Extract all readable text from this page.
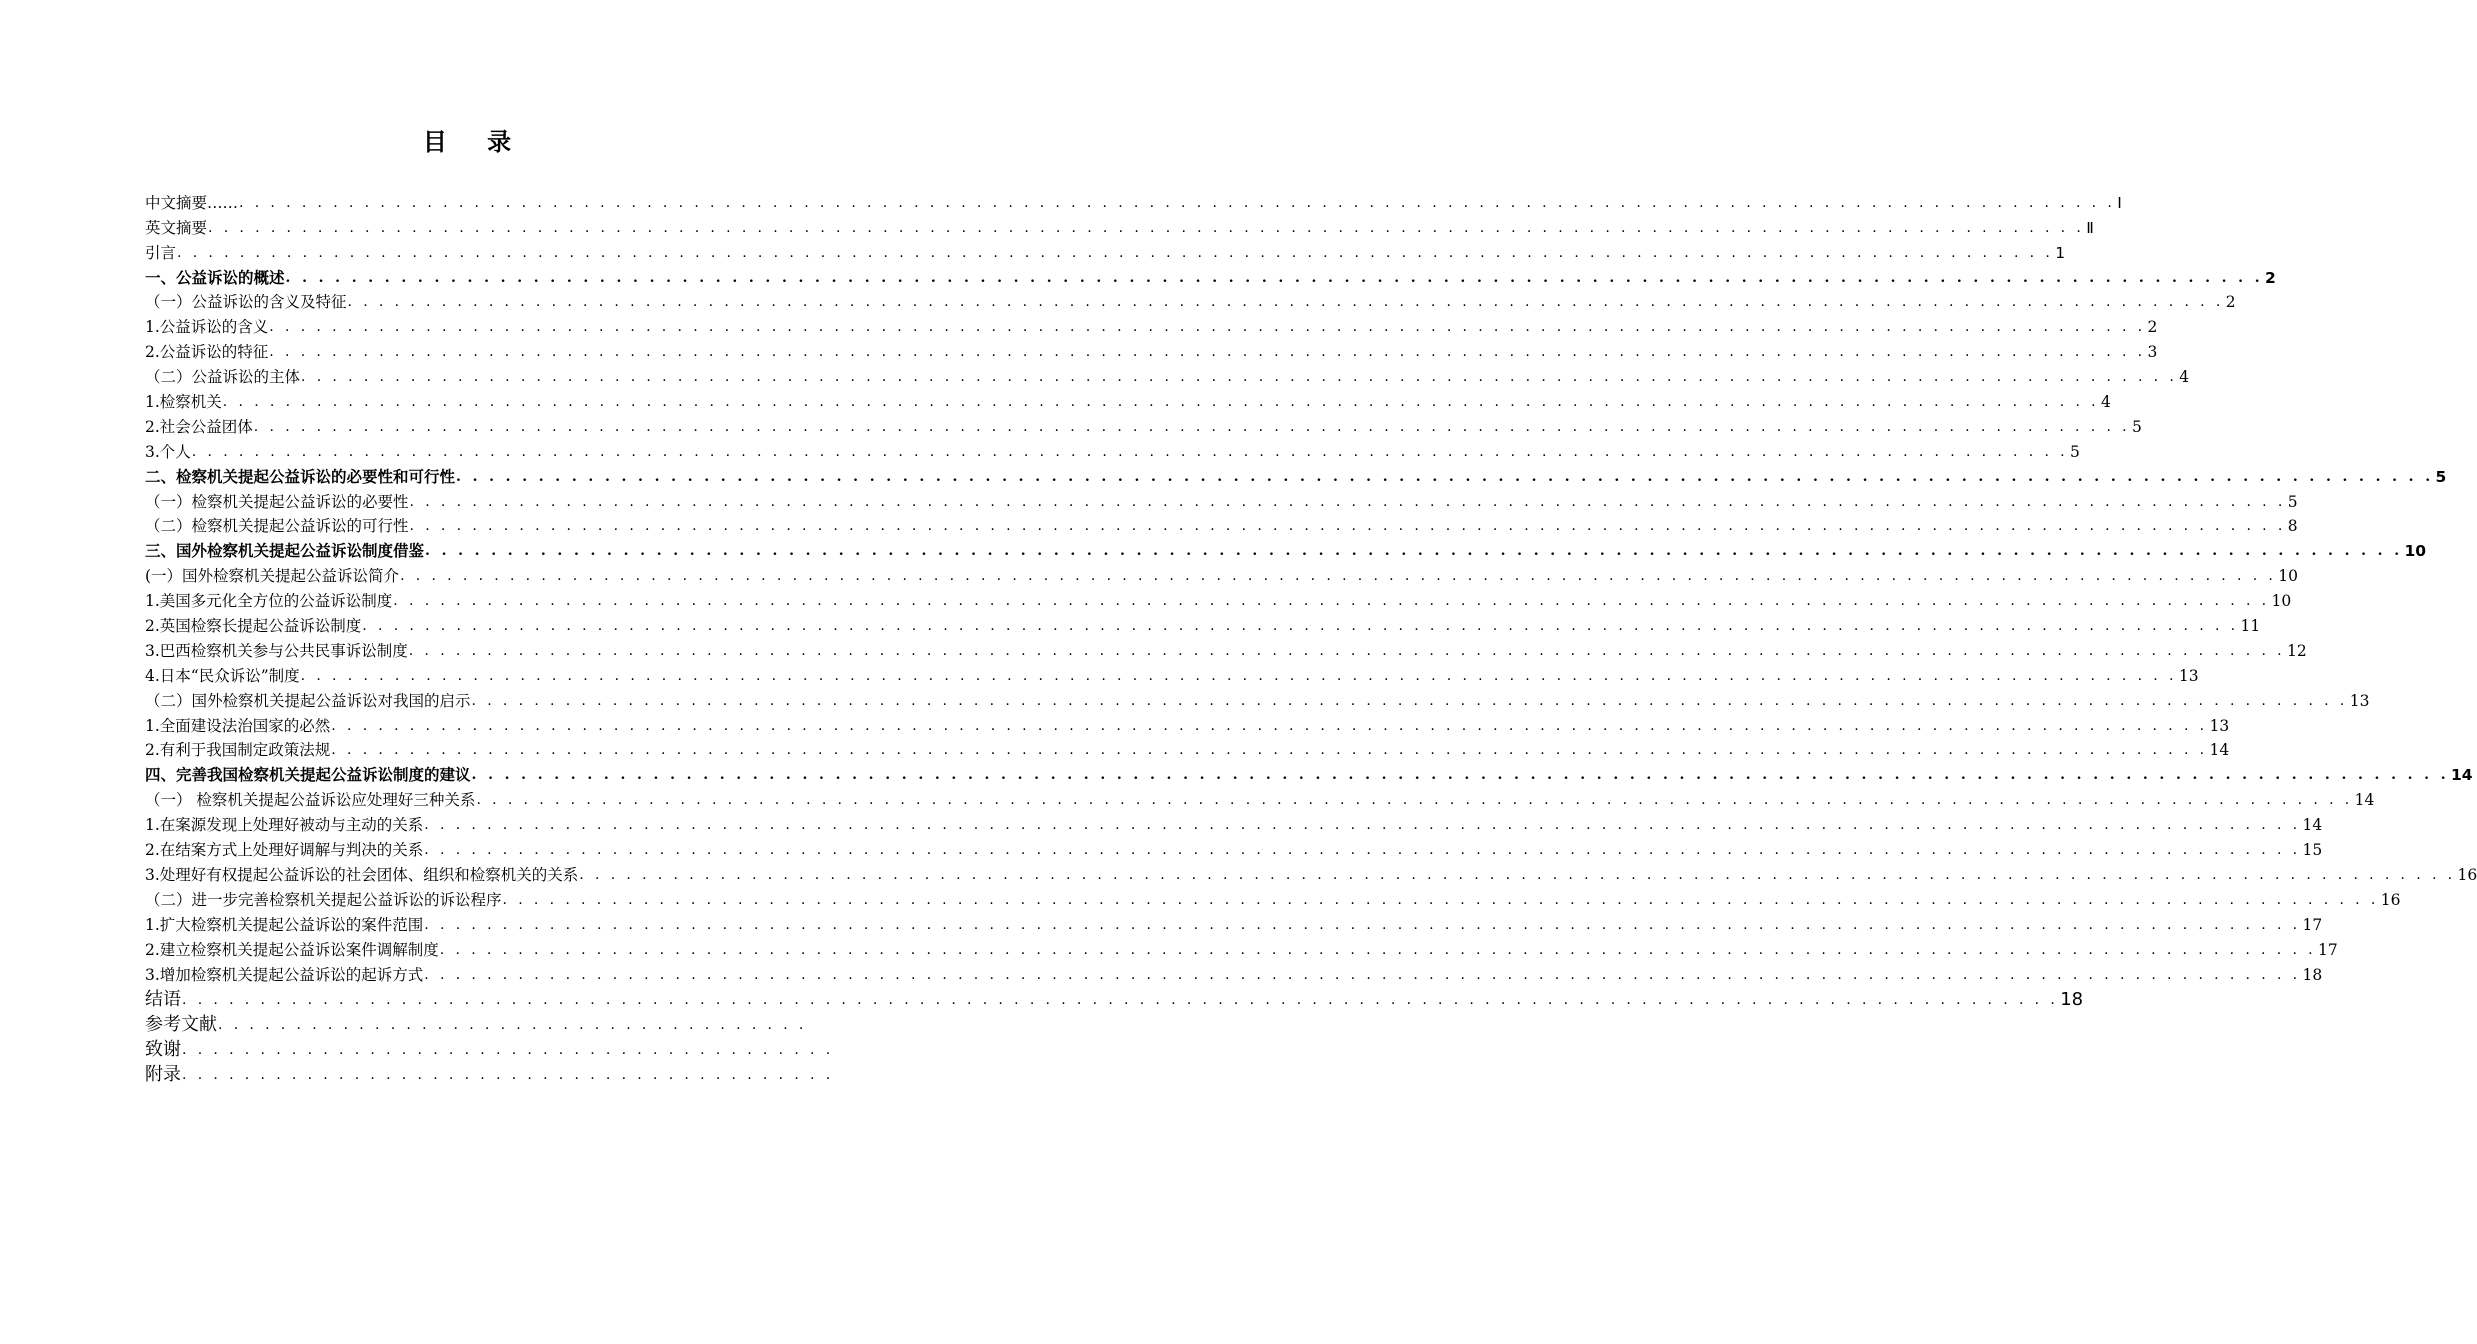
目 录
中文摘要…… . . . . . . . . . . . . . . . . . . . . . . . . . . . . . . . . . . . . . . . . . . . . . . . . . . . . . . . . . . . . . . . . . . . . . . . . . . . . . . . . . . . . . . . . . . . . . . . . . . . . . . . . . . . . . . . . . . . . . . . . Ⅰ
英文摘要 . . . . . . . . . . . . . . . . . . . . . . . . . . . . . . . . . . . . . . . . . . . . . . . . . . . . . . . . . . . . . . . . . . . . . . . . . . . . . . . . . . . . . . . . . . . . . . . . . . . . . . . . . . . . . . . . . . . . . . . . Ⅱ
引言 . . . . . . . . . . . . . . . . . . . . . . . . . . . . . . . . . . . . . . . . . . . . . . . . . . . . . . . . . . . . . . . . . . . . . . . . . . . . . . . . . . . . . . . . . . . . . . . . . . . . . . . . . . . . . . . . . . . . . . . . 1
一、公益诉讼的概述 . . . . . . . . . . . . . . . . . . . . . . . . . . . . . . . . . . . . . . . . . . . . . . . . . . . . . . . . . . . . . . . . . . . . . . . . . . . . . . . . . . . . . . . . . . . . . . . . . . . . . . . . . . . . . . . . . . . . . . . . 2
（一）公益诉讼的含义及特征 . . . . . . . . . . . . . . . . . . . . . . . . . . . . . . . . . . . . . . . . . . . . . . . . . . . . . . . . . . . . . . . . . . . . . . . . . . . . . . . . . . . . . . . . . . . . . . . . . . . . . . . . . . . . . . . . . . . . . . . . 2
1.公益诉讼的含义 . . . . . . . . . . . . . . . . . . . . . . . . . . . . . . . . . . . . . . . . . . . . . . . . . . . . . . . . . . . . . . . . . . . . . . . . . . . . . . . . . . . . . . . . . . . . . . . . . . . . . . . . . . . . . . . . . . . . . . . . 2
2.公益诉讼的特征 . . . . . . . . . . . . . . . . . . . . . . . . . . . . . . . . . . . . . . . . . . . . . . . . . . . . . . . . . . . . . . . . . . . . . . . . . . . . . . . . . . . . . . . . . . . . . . . . . . . . . . . . . . . . . . . . . . . . . . . . 3
（二）公益诉讼的主体 . . . . . . . . . . . . . . . . . . . . . . . . . . . . . . . . . . . . . . . . . . . . . . . . . . . . . . . . . . . . . . . . . . . . . . . . . . . . . . . . . . . . . . . . . . . . . . . . . . . . . . . . . . . . . . . . . . . . . . . . 4
1.检察机关 . . . . . . . . . . . . . . . . . . . . . . . . . . . . . . . . . . . . . . . . . . . . . . . . . . . . . . . . . . . . . . . . . . . . . . . . . . . . . . . . . . . . . . . . . . . . . . . . . . . . . . . . . . . . . . . . . . . . . . . . 4
2.社会公益团体 . . . . . . . . . . . . . . . . . . . . . . . . . . . . . . . . . . . . . . . . . . . . . . . . . . . . . . . . . . . . . . . . . . . . . . . . . . . . . . . . . . . . . . . . . . . . . . . . . . . . . . . . . . . . . . . . . . . . . . . . 5
3.个人 . . . . . . . . . . . . . . . . . . . . . . . . . . . . . . . . . . . . . . . . . . . . . . . . . . . . . . . . . . . . . . . . . . . . . . . . . . . . . . . . . . . . . . . . . . . . . . . . . . . . . . . . . . . . . . . . . . . . . . . . 5
二、检察机关提起公益诉讼的必要性和可行性 . . . . . . . . . . . . . . . . . . . . . . . . . . . . . . . . . . . . . . . . . . . . . . . . . . . . . . . . . . . . . . . . . . . . . . . . . . . . . . . . . . . . . . . . . . . . . . . . . . . . . . . . . . . . . . . . . . . . . . . . 5
（一）检察机关提起公益诉讼的必要性 . . . . . . . . . . . . . . . . . . . . . . . . . . . . . . . . . . . . . . . . . . . . . . . . . . . . . . . . . . . . . . . . . . . . . . . . . . . . . . . . . . . . . . . . . . . . . . . . . . . . . . . . . . . . . . . . . . . . . . . . 5
（二）检察机关提起公益诉讼的可行性 . . . . . . . . . . . . . . . . . . . . . . . . . . . . . . . . . . . . . . . . . . . . . . . . . . . . . . . . . . . . . . . . . . . . . . . . . . . . . . . . . . . . . . . . . . . . . . . . . . . . . . . . . . . . . . . . . . . . . . . . 8
三、国外检察机关提起公益诉讼制度借鉴 . . . . . . . . . . . . . . . . . . . . . . . . . . . . . . . . . . . . . . . . . . . . . . . . . . . . . . . . . . . . . . . . . . . . . . . . . . . . . . . . . . . . . . . . . . . . . . . . . . . . . . . . . . . . . . . . . . . . . . . . 10
(一）国外检察机关提起公益诉讼简介 . . . . . . . . . . . . . . . . . . . . . . . . . . . . . . . . . . . . . . . . . . . . . . . . . . . . . . . . . . . . . . . . . . . . . . . . . . . . . . . . . . . . . . . . . . . . . . . . . . . . . . . . . . . . . . . . . . . . . . . . 10
1.美国多元化全方位的公益诉讼制度 . . . . . . . . . . . . . . . . . . . . . . . . . . . . . . . . . . . . . . . . . . . . . . . . . . . . . . . . . . . . . . . . . . . . . . . . . . . . . . . . . . . . . . . . . . . . . . . . . . . . . . . . . . . . . . . . . . . . . . . . 10
2.英国检察长提起公益诉讼制度 . . . . . . . . . . . . . . . . . . . . . . . . . . . . . . . . . . . . . . . . . . . . . . . . . . . . . . . . . . . . . . . . . . . . . . . . . . . . . . . . . . . . . . . . . . . . . . . . . . . . . . . . . . . . . . . . . . . . . . . . 11
3.巴西检察机关参与公共民事诉讼制度 . . . . . . . . . . . . . . . . . . . . . . . . . . . . . . . . . . . . . . . . . . . . . . . . . . . . . . . . . . . . . . . . . . . . . . . . . . . . . . . . . . . . . . . . . . . . . . . . . . . . . . . . . . . . . . . . . . . . . . . . 12
4.日本“民众诉讼”制度 . . . . . . . . . . . . . . . . . . . . . . . . . . . . . . . . . . . . . . . . . . . . . . . . . . . . . . . . . . . . . . . . . . . . . . . . . . . . . . . . . . . . . . . . . . . . . . . . . . . . . . . . . . . . . . . . . . . . . . . . 13
（二）国外检察机关提起公益诉讼对我国的启示 . . . . . . . . . . . . . . . . . . . . . . . . . . . . . . . . . . . . . . . . . . . . . . . . . . . . . . . . . . . . . . . . . . . . . . . . . . . . . . . . . . . . . . . . . . . . . . . . . . . . . . . . . . . . . . . . . . . . . . . . 13
1.全面建设法治国家的必然 . . . . . . . . . . . . . . . . . . . . . . . . . . . . . . . . . . . . . . . . . . . . . . . . . . . . . . . . . . . . . . . . . . . . . . . . . . . . . . . . . . . . . . . . . . . . . . . . . . . . . . . . . . . . . . . . . . . . . . . . 13
2.有利于我国制定政策法规 . . . . . . . . . . . . . . . . . . . . . . . . . . . . . . . . . . . . . . . . . . . . . . . . . . . . . . . . . . . . . . . . . . . . . . . . . . . . . . . . . . . . . . . . . . . . . . . . . . . . . . . . . . . . . . . . . . . . . . . . 14
四、完善我国检察机关提起公益诉讼制度的建议 . . . . . . . . . . . . . . . . . . . . . . . . . . . . . . . . . . . . . . . . . . . . . . . . . . . . . . . . . . . . . . . . . . . . . . . . . . . . . . . . . . . . . . . . . . . . . . . . . . . . . . . . . . . . . . . . . . . . . . . . 14
（一） 检察机关提起公益诉讼应处理好三种关系 . . . . . . . . . . . . . . . . . . . . . . . . . . . . . . . . . . . . . . . . . . . . . . . . . . . . . . . . . . . . . . . . . . . . . . . . . . . . . . . . . . . . . . . . . . . . . . . . . . . . . . . . . . . . . . . . . . . . . . . . 14
1.在案源发现上处理好被动与主动的关系 . . . . . . . . . . . . . . . . . . . . . . . . . . . . . . . . . . . . . . . . . . . . . . . . . . . . . . . . . . . . . . . . . . . . . . . . . . . . . . . . . . . . . . . . . . . . . . . . . . . . . . . . . . . . . . . . . . . . . . . . 14
2.在结案方式上处理好调解与判决的关系 . . . . . . . . . . . . . . . . . . . . . . . . . . . . . . . . . . . . . . . . . . . . . . . . . . . . . . . . . . . . . . . . . . . . . . . . . . . . . . . . . . . . . . . . . . . . . . . . . . . . . . . . . . . . . . . . . . . . . . . . 15
3.处理好有权提起公益诉讼的社会团体、组织和检察机关的关系 . . . . . . . . . . . . . . . . . . . . . . . . . . . . . . . . . . . . . . . . . . . . . . . . . . . . . . . . . . . . . . . . . . . . . . . . . . . . . . . . . . . . . . . . . . . . . . . . . . . . . . . . . . . . . . . . . . . . . . . . 16
（二）进一步完善检察机关提起公益诉讼的诉讼程序 . . . . . . . . . . . . . . . . . . . . . . . . . . . . . . . . . . . . . . . . . . . . . . . . . . . . . . . . . . . . . . . . . . . . . . . . . . . . . . . . . . . . . . . . . . . . . . . . . . . . . . . . . . . . . . . . . . . . . . . . 16
1.扩大检察机关提起公益诉讼的案件范围 . . . . . . . . . . . . . . . . . . . . . . . . . . . . . . . . . . . . . . . . . . . . . . . . . . . . . . . . . . . . . . . . . . . . . . . . . . . . . . . . . . . . . . . . . . . . . . . . . . . . . . . . . . . . . . . . . . . . . . . . 17
2.建立检察机关提起公益诉讼案件调解制度 . . . . . . . . . . . . . . . . . . . . . . . . . . . . . . . . . . . . . . . . . . . . . . . . . . . . . . . . . . . . . . . . . . . . . . . . . . . . . . . . . . . . . . . . . . . . . . . . . . . . . . . . . . . . . . . . . . . . . . . . 17
3.增加检察机关提起公益诉讼的起诉方式 . . . . . . . . . . . . . . . . . . . . . . . . . . . . . . . . . . . . . . . . . . . . . . . . . . . . . . . . . . . . . . . . . . . . . . . . . . . . . . . . . . . . . . . . . . . . . . . . . . . . . . . . . . . . . . . . . . . . . . . . 18
结语 . . . . . . . . . . . . . . . . . . . . . . . . . . . . . . . . . . . . . . . . . . . . . . . . . . . . . . . . . . . . . . . . . . . . . . . . . . . . . . . . . . . . . . . . . . . . . . . . . . . . . . . . . . . . . . . . . . . . . . . . 18
参考文献 . . . . . . . . . . . . . . . . . . . . . . . . . . . . . . . . . . . . . .
致谢 . . . . . . . . . . . . . . . . . . . . . . . . . . . . . . . . . . . . . . . . . .
附录 . . . . . . . . . . . . . . . . . . . . . . . . . . . . . . . . . . . . . . . . . .
